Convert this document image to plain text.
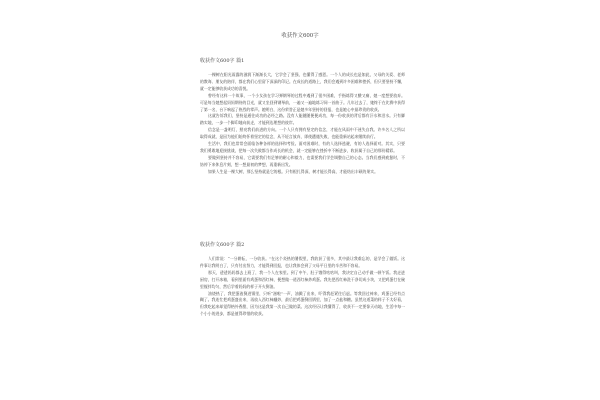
收获作文600字
收获作文600字 篇1

一棵树在阳光雨露的滋润下渐渐长大，它学会了坚强，也懂得了感恩。一个人的成长也是如此，父母的关爱、老师的教诲、朋友的陪伴，都在我们心里留下深深的印记。在成长的道路上，我们会遇到许多困难和挫折，但只要坚持不懈，就一定能够收获成功的喜悦。

曾经有这样一个故事，一个小女孩在学习弹钢琴的过程中遇到了很多困难，手指练得又酸又痛，她一度想要放弃。可是每当她想起妈妈期待的目光，就又坐回到钢琴前，一遍又一遍地练习同一首曲子。几年过去了，她终于在比赛中获得了第一名，台下响起了热烈的掌声。她明白，这份荣誉正是她多年坚持的回报，也是她心中最珍贵的收获。

这就告诉我们，坚持是通往成功的必经之路。没有人能随随便便成功，每一份收获的背后都有汗水和泪水。只有脚踏实地，一步一个脚印地向前走，才能到达理想的彼岸。

信念是一盏明灯，照亮我们前进的方向。一个人只有拥有坚定的信念，才能在风雨中不迷失自我。许多名人之所以取得成就，是因为他们始终怀着坚定的信念，从不轻言放弃，即使遭遇失败，也能重新站起来继续前行。

生活中，我们也常常会面临各种各样的选择和考验。面对困难时，有的人选择逃避，有的人选择面对。其实，只要我们勇敢地迎接挑战，把每一次失败都当作成长的机会，就一定能够在挫折中不断进步，收获属于自己的那份精彩。

要做到坚持并不容易，它需要我们有足够的耐心和毅力，也需要我们学会调整自己的心态。当我们感到疲惫时，不妨停下来休息片刻，想一想最初的梦想，再重新出发。

如果人生是一棵大树，那么坚持就是它的根。只有根扎得深，树才能长得高，才能结出丰硕的果实。

收获作文600字 篇2

人们常说：“一分耕耘，一分收获。”在这个炎热的暑假里，我收获了很多，其中最让我难忘的，是学会了做饭。这件事让我明白了，只有付出努力，才能得到回报，也让我体会到了父母平日里的辛苦和不容易。

那天，爸爸妈妈都去上班了，我一个人在家里。到了中午，肚子饿得咕咕叫，我决定自己动手做一顿午饭。我走进厨房，打开冰箱，看到里面有鸡蛋和西红柿，便想做一道西红柿炒鸡蛋。我先把西红柿洗干净切成小块，又把鸡蛋打在碗里搅拌均匀，然后学着妈妈的样子开火倒油。

油烧热了，我把蛋液倒进锅里，只听“滋啦”一声，油溅了出来，吓得我赶紧往后退。等我回过神来，鸡蛋已经有点糊了。我连忙把鸡蛋盛出来，再放入西红柿翻炒，最后把鸡蛋倒回锅里，加了一点盐和糖。虽然这道菜的样子不太好看，但我吃起来却觉得格外香甜，因为这是我第一次自己做的菜。这次经历让我懂得了，收获不一定要惊天动地，生活中每一个小小的进步，都是值得珍惜的收获。
